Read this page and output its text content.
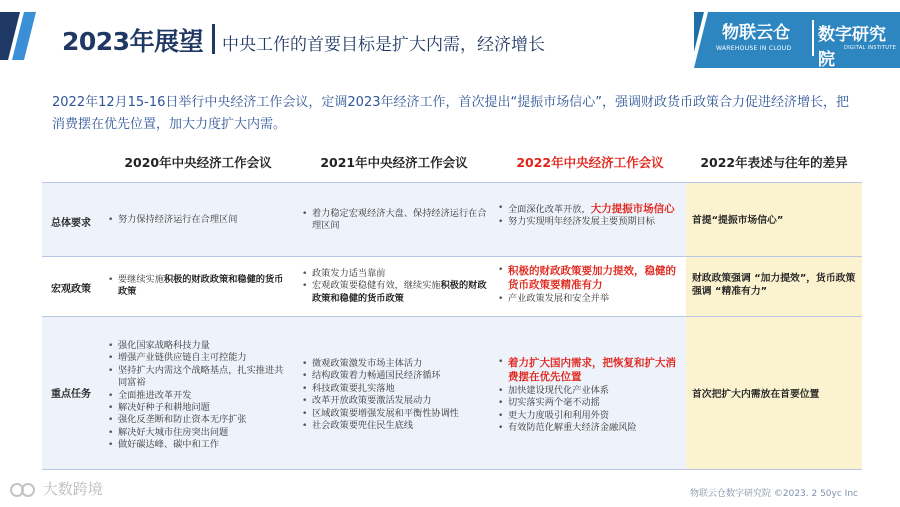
2023年展望 中央工作的首要目标是扩大内需，经济增长
物联云仓
WAREHOUSE IN CLOUD
数字研究院
DIGITAL INSTITUTE
2022年12月15-16日举行中央经济工作会议，定调2023年经济工作，首次提出“提振市场信心”，强调财政货币政策合力促进经济增长，把消费摆在优先位置，加大力度扩大内需。
2020年中央经济工作会议	2021年中央经济工作会议	2022年中央经济工作会议	2022年表述与往年的差异
总体要求
•	努力保持经济运行在合理区间
• 着力稳定宏观经济大盘、保持经济运行在合理区间
• 全面深化改革开放，大力提振市场信心
• 努力实现明年经济发展主要预期目标	首提“提振市场信心”
宏观政策
• 要继续实施积极的财政政策和稳健的货币政策
• 政策发力适当靠前
• 宏观政策要稳健有效，继续实施积极的财政政策和稳健的货币政策
• 积极的财政政策要加力提效，稳健的货币政策要精准有力
• 产业政策发展和安全并举
财政政策强调 “加力提效”，货币政策强调 “精准有力”
重点任务
• 强化国家战略科技力量
• 增强产业链供应链自主可控能力
• 坚持扩大内需这个战略基点，扎实推进共同富裕
• 全面推进改革开发
• 解决好种子和耕地问题
• 强化反垄断和防止资本无序扩张
• 解决好大城市住房突出问题
• 做好碳达峰、碳中和工作
• 微观政策激发市场主体活力
• 结构政策着力畅通国民经济循环
• 科技政策要扎实落地
• 改革开放政策要激活发展动力
• 区域政策要增强发展和平衡性协调性
• 社会政策要兜住民生底线
• 着力扩大国内需求，把恢复和扩大消费摆在优先位置
• 加快建设现代化产业体系
• 切实落实两个毫不动摇
• 更大力度吸引和利用外资
• 有效防范化解重大经济金融风险
首次把扩大内需放在首要位置
大数跨境	物联云仓数字研究院 ©2023. 2 50yc Inc
